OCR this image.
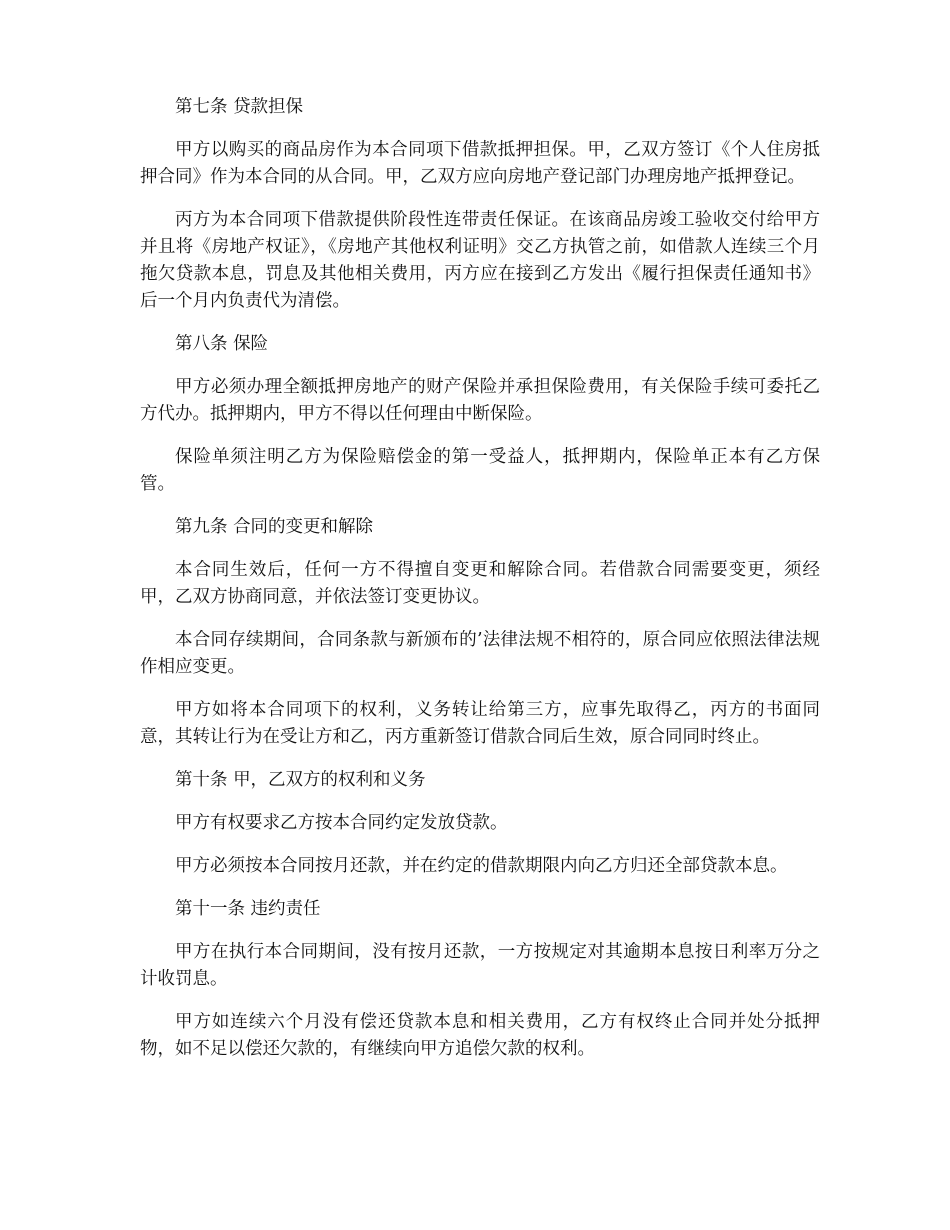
第七条 贷款担保

甲方以购买的商品房作为本合同项下借款抵押担保。甲，乙双方签订《个人住房抵押合同》作为本合同的从合同。甲，乙双方应向房地产登记部门办理房地产抵押登记。

丙方为本合同项下借款提供阶段性连带责任保证。在该商品房竣工验收交付给甲方并且将《房地产权证》，《房地产其他权利证明》交乙方执管之前，如借款人连续三个月拖欠贷款本息，罚息及其他相关费用，丙方应在接到乙方发出《履行担保责任通知书》后一个月内负责代为清偿。

第八条 保险

甲方必须办理全额抵押房地产的财产保险并承担保险费用，有关保险手续可委托乙方代办。抵押期内，甲方不得以任何理由中断保险。

保险单须注明乙方为保险赔偿金的第一受益人，抵押期内，保险单正本有乙方保管。

第九条 合同的变更和解除

本合同生效后，任何一方不得擅自变更和解除合同。若借款合同需要变更，须经甲，乙双方协商同意，并依法签订变更协议。

本合同存续期间，合同条款与新颁布的’法律法规不相符的，原合同应依照法律法规作相应变更。

甲方如将本合同项下的权利，义务转让给第三方，应事先取得乙，丙方的书面同意，其转让行为在受让方和乙，丙方重新签订借款合同后生效，原合同同时终止。

第十条 甲，乙双方的权利和义务

甲方有权要求乙方按本合同约定发放贷款。

甲方必须按本合同按月还款，并在约定的借款期限内向乙方归还全部贷款本息。

第十一条 违约责任

甲方在执行本合同期间，没有按月还款，一方按规定对其逾期本息按日利率万分之计收罚息。

甲方如连续六个月没有偿还贷款本息和相关费用，乙方有权终止合同并处分抵押物，如不足以偿还欠款的，有继续向甲方追偿欠款的权利。
